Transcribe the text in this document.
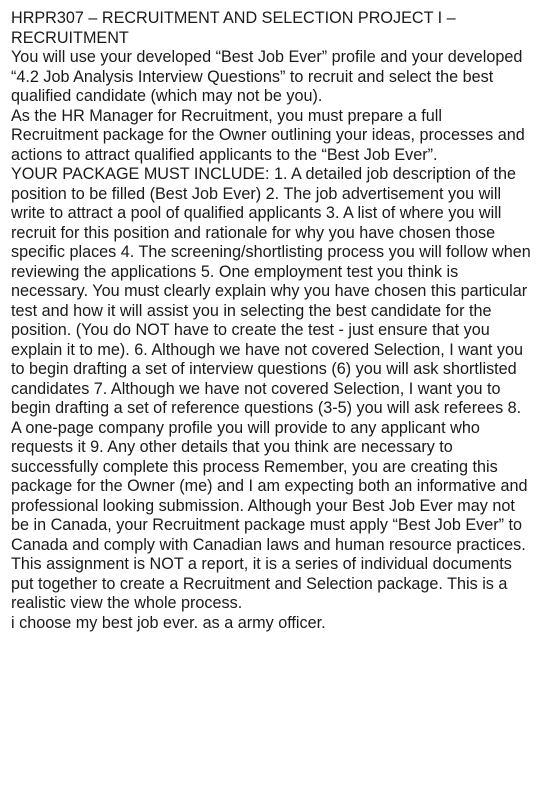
HRPR307 – RECRUITMENT AND SELECTION PROJECT I – RECRUITMENT

You will use your developed “Best Job Ever” profile and your developed “4.2 Job Analysis Interview Questions” to recruit and select the best qualified candidate (which may not be you).

As the HR Manager for Recruitment, you must prepare a full Recruitment package for the Owner outlining your ideas, processes and actions to attract qualified applicants to the “Best Job Ever”.

YOUR PACKAGE MUST INCLUDE: 1. A detailed job description of the position to be filled (Best Job Ever) 2. The job advertisement you will write to attract a pool of qualified applicants 3. A list of where you will recruit for this position and rationale for why you have chosen those specific places 4. The screening/shortlisting process you will follow when reviewing the applications 5. One employment test you think is necessary. You must clearly explain why you have chosen this particular test and how it will assist you in selecting the best candidate for the position. (You do NOT have to create the test - just ensure that you explain it to me). 6. Although we have not covered Selection, I want you to begin drafting a set of interview questions (6) you will ask shortlisted candidates 7. Although we have not covered Selection, I want you to begin drafting a set of reference questions (3-5) you will ask referees 8. A one-page company profile you will provide to any applicant who requests it 9. Any other details that you think are necessary to successfully complete this process Remember, you are creating this package for the Owner (me) and I am expecting both an informative and professional looking submission. Although your Best Job Ever may not be in Canada, your Recruitment package must apply “Best Job Ever” to Canada and comply with Canadian laws and human resource practices. This assignment is NOT a report, it is a series of individual documents put together to create a Recruitment and Selection package. This is a realistic view the whole process.

i choose my best job ever. as a army officer.
